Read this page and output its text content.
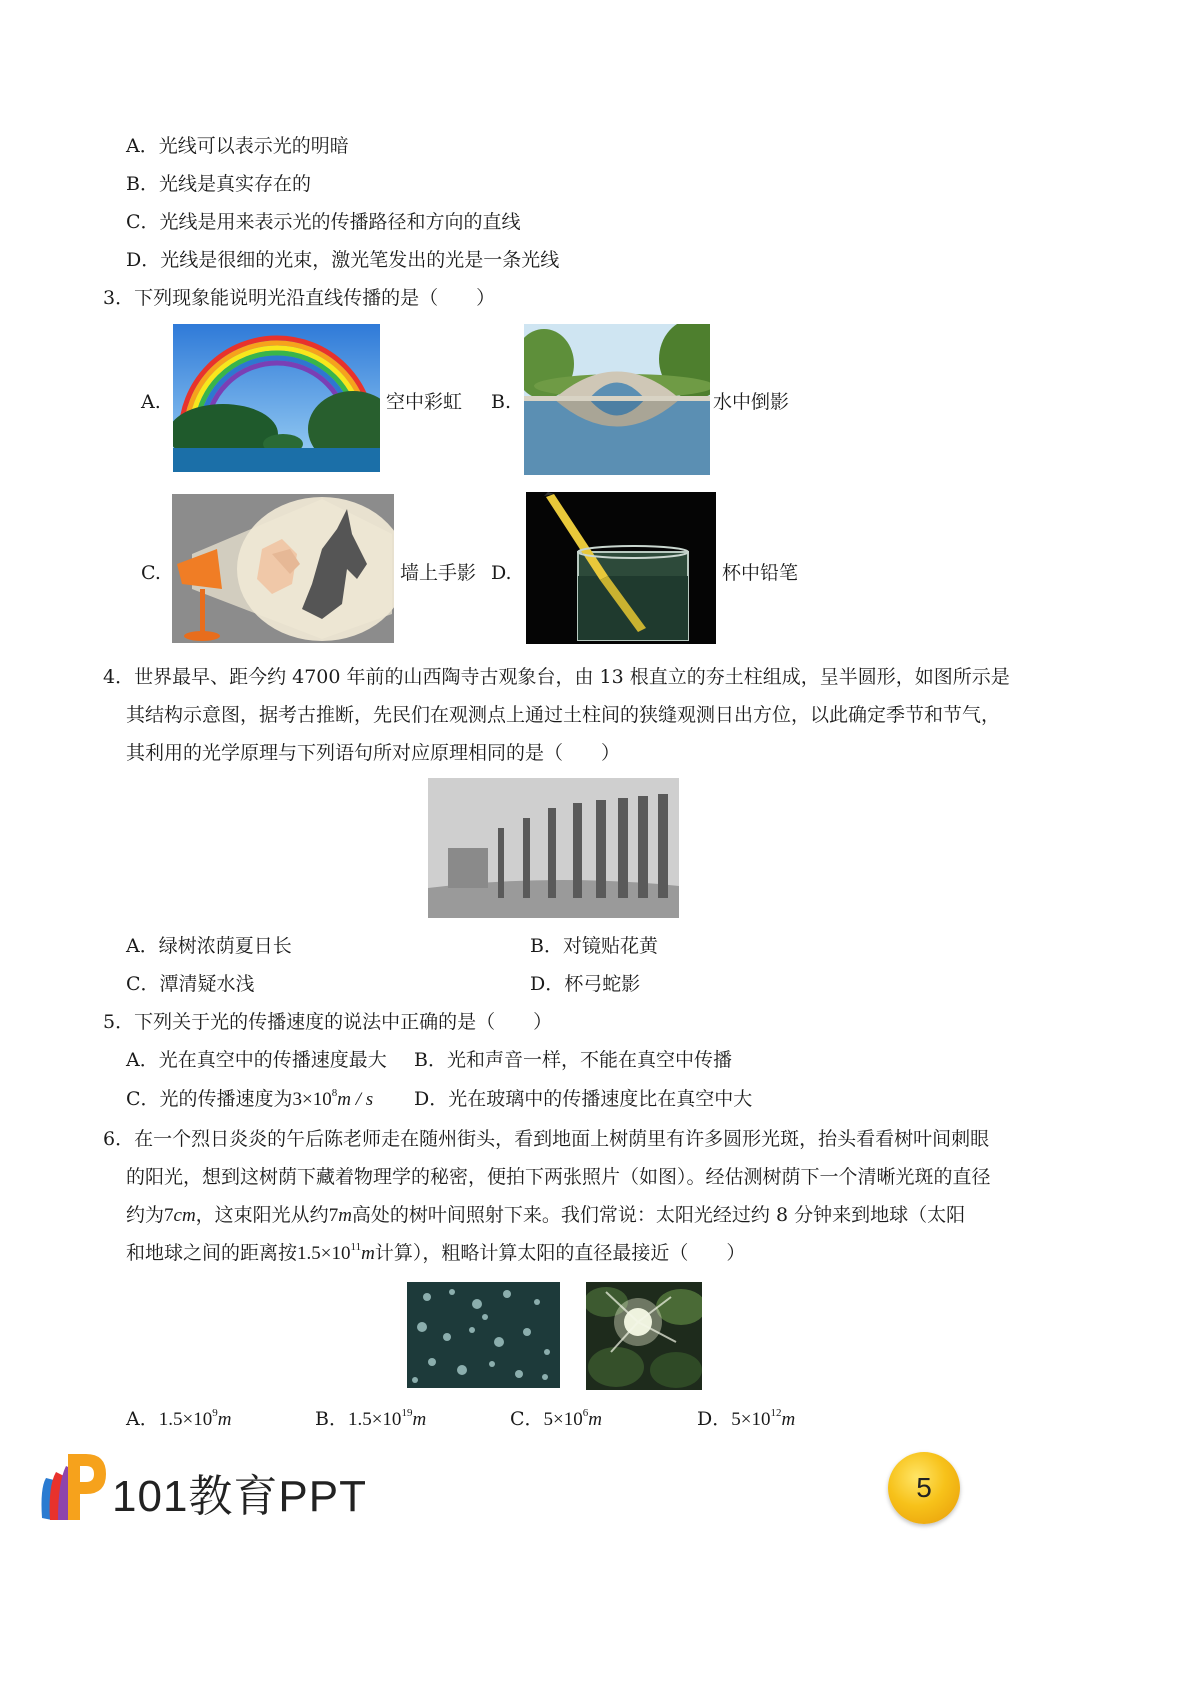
A．光线可以表示光的明暗
B．光线是真实存在的
C．光线是用来表示光的传播路径和方向的直线
D．光线是很细的光束，激光笔发出的光是一条光线
3．下列现象能说明光沿直线传播的是（　　）
A.	空中彩虹 B.	水中倒影
C.	墙上手影 D.	杯中铅笔
4．世界最早、距今约 4700 年前的山西陶寺古观象台，由 13 根直立的夯土柱组成，呈半圆形，如图所示是
其结构示意图，据考古推断，先民们在观测点上通过土柱间的狭缝观测日出方位，以此确定季节和节气，
其利用的光学原理与下列语句所对应原理相同的是（　　）
A．绿树浓荫夏日长	B．对镜贴花黄
C．潭清疑水浅	D．杯弓蛇影
5．下列关于光的传播速度的说法中正确的是（　　）
A．光在真空中的传播速度最大 B．光和声音一样，不能在真空中传播
C．光的传播速度为$3\times 10^8m / s$ D．光在玻璃中的传播速度比在真空中大
6．在一个烈日炎炎的午后陈老师走在随州街头，看到地面上树荫里有许多圆形光斑，抬头看看树叶间刺眼
的阳光，想到这树荫下藏着物理学的秘密，便拍下两张照片（如图）。经估测树荫下一个清晰光斑的直径
约为7cm，这束阳光从约7m高处的树叶间照射下来。我们常说：太阳光经过约 8 分钟来到地球（太阳
和地球之间的距离按$1.5\times 10^{11}m$计算），粗略计算太阳的直径最接近（　　）
A．$1.5\times 10^9m$	B．$1.5\times 10^{19}m$	C．$5\times 10^6m$	D．$5\times 10^{12}m$
101教育PPT	5
